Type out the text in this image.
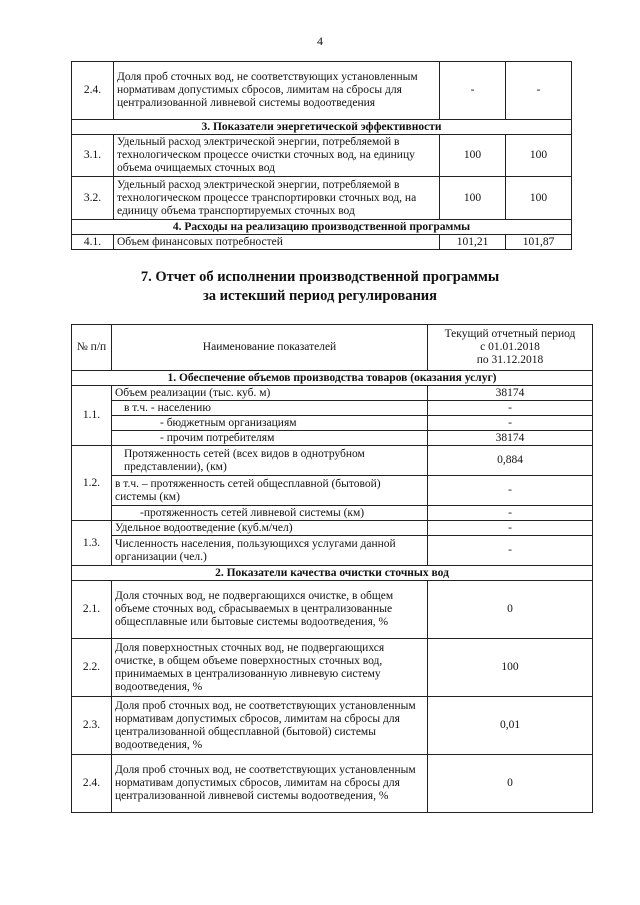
4
2.4.	Доля проб сточных вод, не соответствующих установленным нормативам допустимых сбросов, лимитам на сбросы для централизованной ливневой системы водоотведения	-	-
3. Показатели энергетической эффективности			
3.1.	Удельный расход электрической энергии, потребляемой в технологическом процессе очистки сточных вод, на единицу объема очищаемых сточных вод	100	100
3.2.	Удельный расход электрической энергии, потребляемой в технологическом процессе транспортировки сточных вод, на единицу объема транспортируемых сточных вод	100	100
4. Расходы на реализацию производственной программы			
4.1.	Объем финансовых потребностей	101,21	101,87
7. Отчет об исполнении производственной программы
за истекший период регулирования
№ п/п	Наименование показателей	Текущий отчетный период
с 01.01.2018
по 31.12.2018

1. Обеспечение объемов производства товаров (оказания услуг)		
1.1.	Объем реализации (тыс. куб. м)	38174
	в т.ч. - населению	-
	- бюджетным организациям	-
	- прочим потребителям	38174
1.2.	Протяженность сетей (всех видов в однотрубном представлении), (км)	0,884
	в т.ч. – протяженность сетей общесплавной (бытовой) системы (км)	-
	-протяженность сетей ливневой системы (км)	-
1.3.	Удельное водоотведение (куб.м/чел)	-
	Численность населения, пользующихся услугами данной организации (чел.)	-
2. Показатели качества очистки сточных вод		
2.1.	Доля сточных вод, не подвергающихся очистке, в общем объеме сточных вод, сбрасываемых в централизованные общесплавные или бытовые системы водоотведения, %	0
2.2.	Доля поверхностных сточных вод, не подвергающихся очистке, в общем объеме поверхностных сточных вод, принимаемых в централизованную ливневую систему водоотведения, %	100
2.3.	Доля проб сточных вод, не соответствующих установленным нормативам допустимых сбросов, лимитам на сбросы для централизованной общесплавной (бытовой) системы водоотведения, %	0,01
2.4.	Доля проб сточных вод, не соответствующих установленным нормативам допустимых сбросов, лимитам на сбросы для централизованной ливневой системы водоотведения, %	0
